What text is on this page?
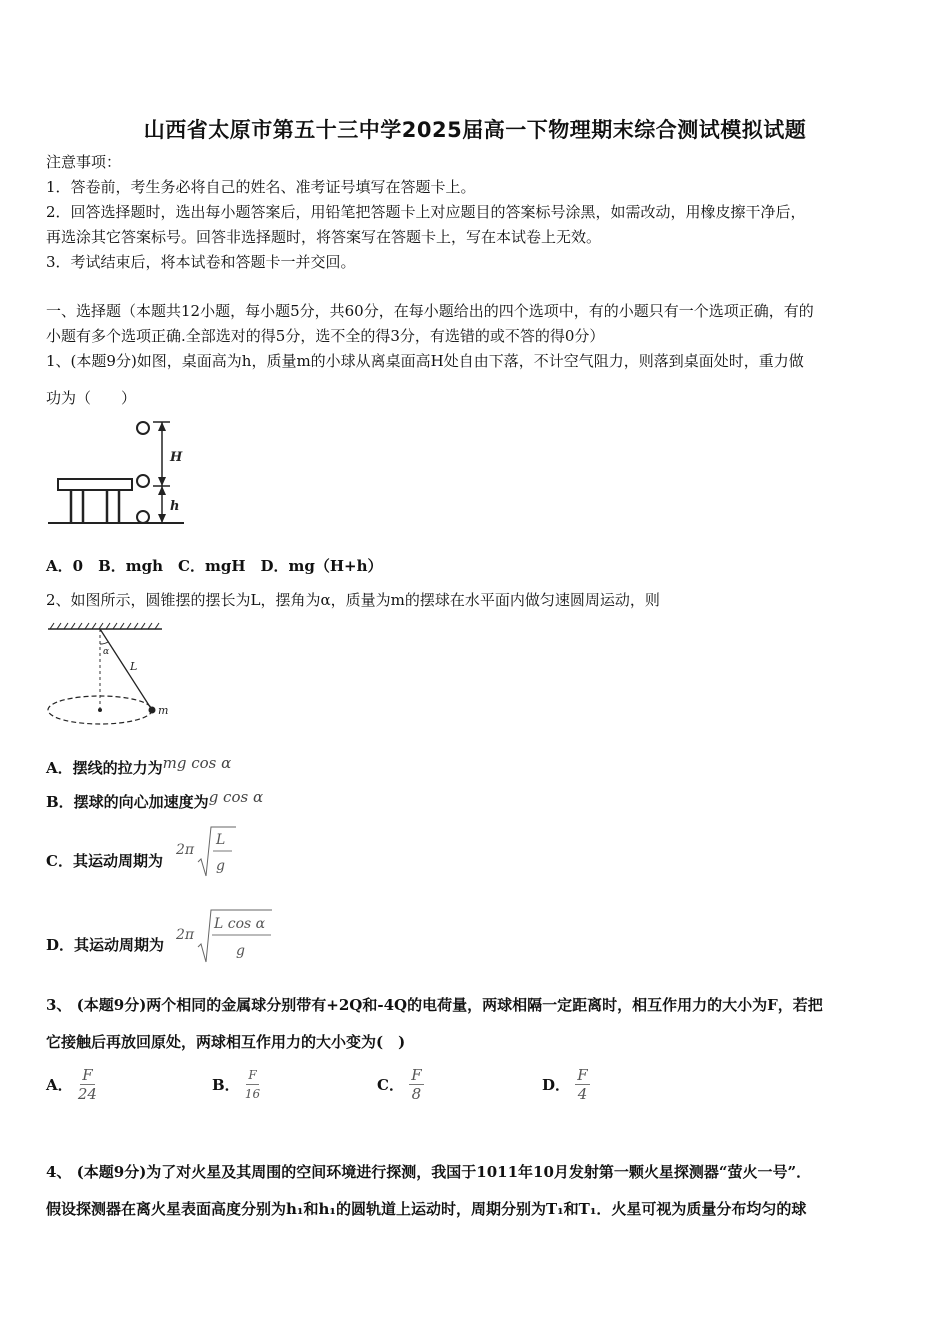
山西省太原市第五十三中学2025届高一下物理期末综合测试模拟试题
注意事项：
1．答卷前，考生务必将自己的姓名、准考证号填写在答题卡上。
2．回答选择题时，选出每小题答案后，用铅笔把答题卡上对应题目的答案标号涂黑，如需改动，用橡皮擦干净后，
再选涂其它答案标号。回答非选择题时，将答案写在答题卡上，写在本试卷上无效。
3．考试结束后，将本试卷和答题卡一并交回。
一、选择题（本题共12小题，每小题5分，共60分，在每小题给出的四个选项中，有的小题只有一个选项正确，有的
小题有多个选项正确.全部选对的得5分，选不全的得3分，有选错的或不答的得0分）
1、(本题9分)如图，桌面高为h，质量m的小球从离桌面高H处自由下落，不计空气阻力，则落到桌面处时，重力做
功为（　　）
H
h
A．0　B．mgh　C．mgH　D．mg（H+h）
2、如图所示，圆锥摆的摆长为L，摆角为α，质量为m的摆球在水平面内做匀速圆周运动，则
α
L
m
A．摆线的拉力为mg cos α
B．摆球的向心加速度为g cos α
C．其运动周期为
2π
L
g
D．其运动周期为
2π
L cos α
g
3、 (本题9分)两个相同的金属球分别带有+2Q和-4Q的电荷量，两球相隔一定距离时，相互作用力的大小为F，若把
它接触后再放回原处，两球相互作用力的大小变为(　)
A． $\frac{F}{24}$	B． $\frac{F}{16}$	C． $\frac{F}{8}$	D． $\frac{F}{4}$
4、 (本题9分)为了对火星及其周围的空间环境进行探测，我国于1011年10月发射第一颗火星探测器“萤火一号”．
假设探测器在离火星表面高度分别为h₁和h₁的圆轨道上运动时，周期分别为T₁和T₁．火星可视为质量分布均匀的球
